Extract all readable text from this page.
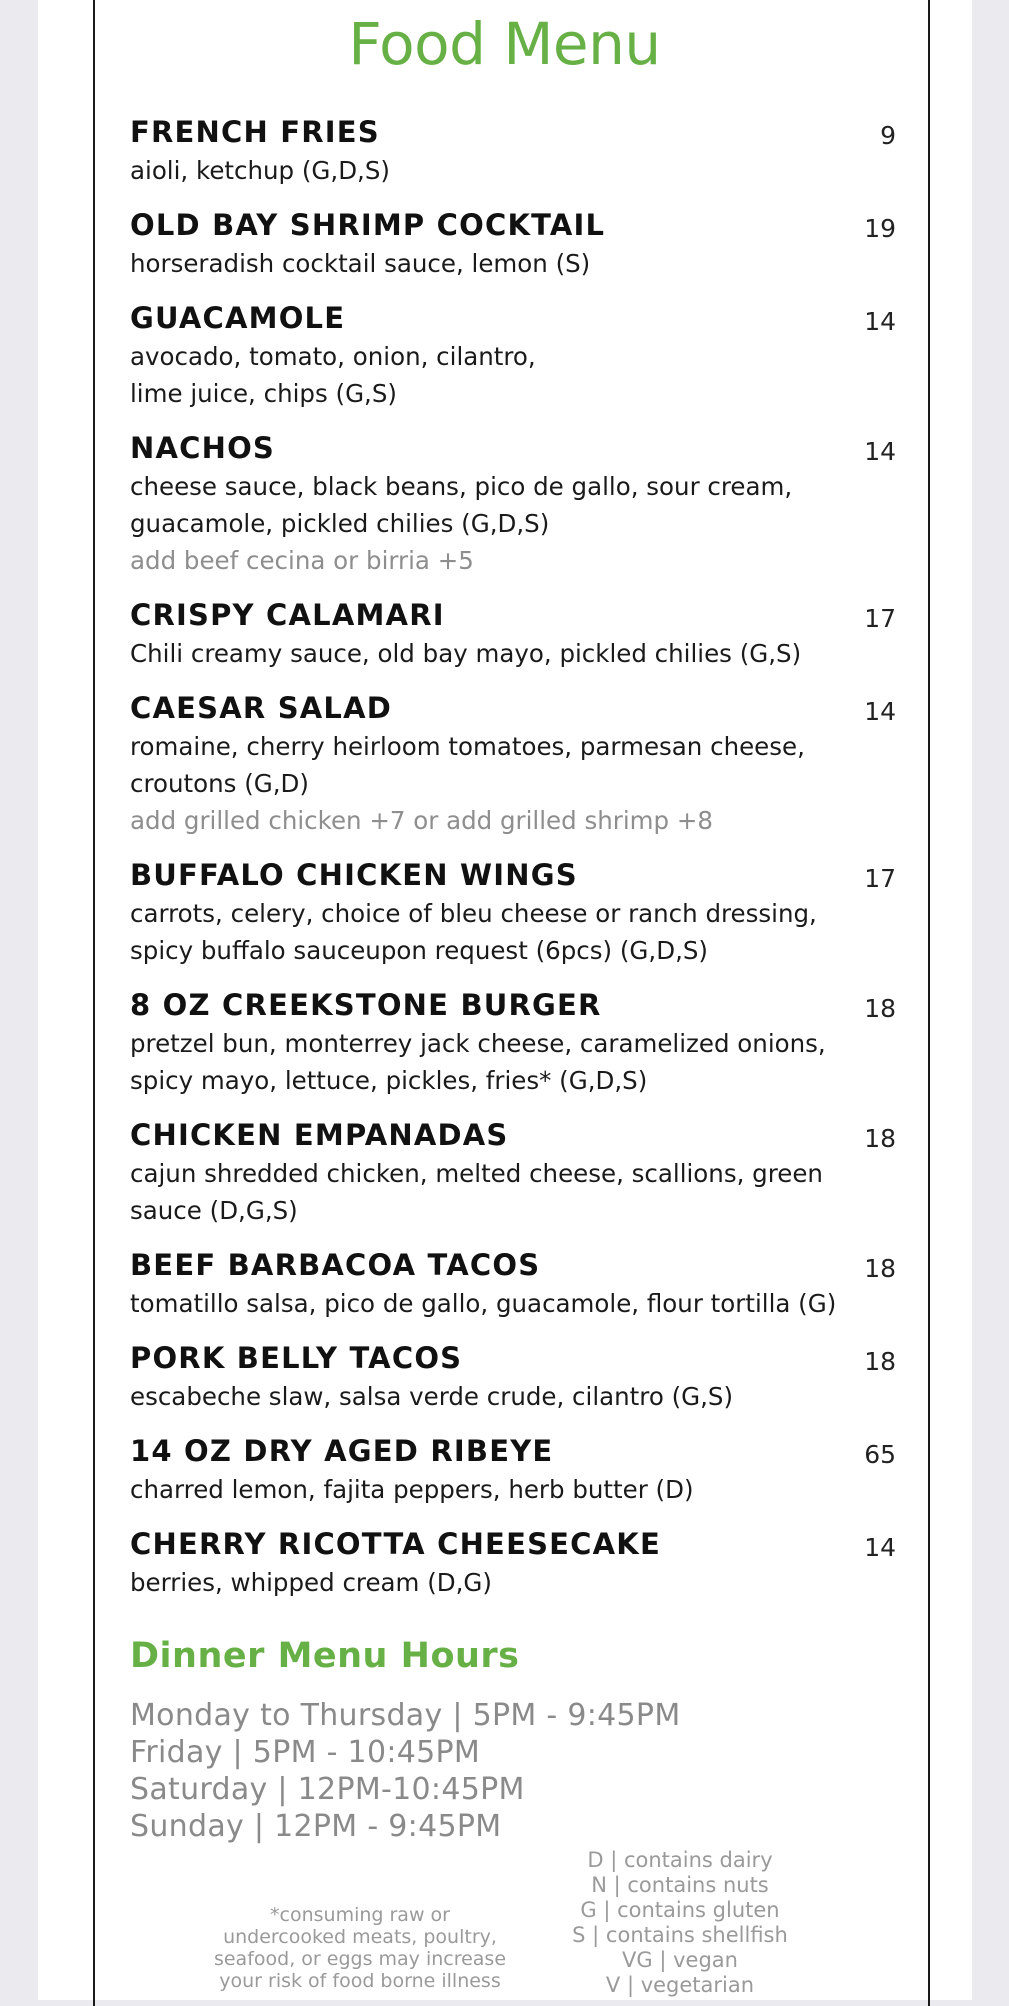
Food Menu
FRENCH FRIES	9
aioli, ketchup (G,D,S)
OLD BAY SHRIMP COCKTAIL	19
horseradish cocktail sauce, lemon (S)
GUACAMOLE	14
avocado, tomato, onion, cilantro,
lime juice, chips (G,S)
NACHOS	14
cheese sauce, black beans, pico de gallo, sour cream,
guacamole, pickled chilies (G,D,S)
add beef cecina or birria +5
CRISPY CALAMARI	17
Chili creamy sauce, old bay mayo, pickled chilies (G,S)
CAESAR SALAD	14
romaine, cherry heirloom tomatoes, parmesan cheese,
croutons (G,D)
add grilled chicken +7 or add grilled shrimp +8
BUFFALO CHICKEN WINGS	17
carrots, celery, choice of bleu cheese or ranch dressing,
spicy buffalo sauceupon request (6pcs) (G,D,S)
8 OZ CREEKSTONE BURGER	18
pretzel bun, monterrey jack cheese, caramelized onions,
spicy mayo, lettuce, pickles, fries* (G,D,S)
CHICKEN EMPANADAS	18
cajun shredded chicken, melted cheese, scallions, green
sauce (D,G,S)
BEEF BARBACOA TACOS	18
tomatillo salsa, pico de gallo, guacamole, flour tortilla (G)
PORK BELLY TACOS	18
escabeche slaw, salsa verde crude, cilantro (G,S)
14 OZ DRY AGED RIBEYE	65
charred lemon, fajita peppers, herb butter (D)
CHERRY RICOTTA CHEESECAKE	14
berries, whipped cream (D,G)
Dinner Menu Hours
Monday to Thursday | 5PM - 9:45PM
Friday | 5PM - 10:45PM
Saturday | 12PM-10:45PM
Sunday | 12PM - 9:45PM
*consuming raw or
undercooked meats, poultry,
seafood, or eggs may increase
your risk of food borne illness
D | contains dairy
N | contains nuts
G | contains gluten
S | contains shellfish
VG | vegan
V | vegetarian
